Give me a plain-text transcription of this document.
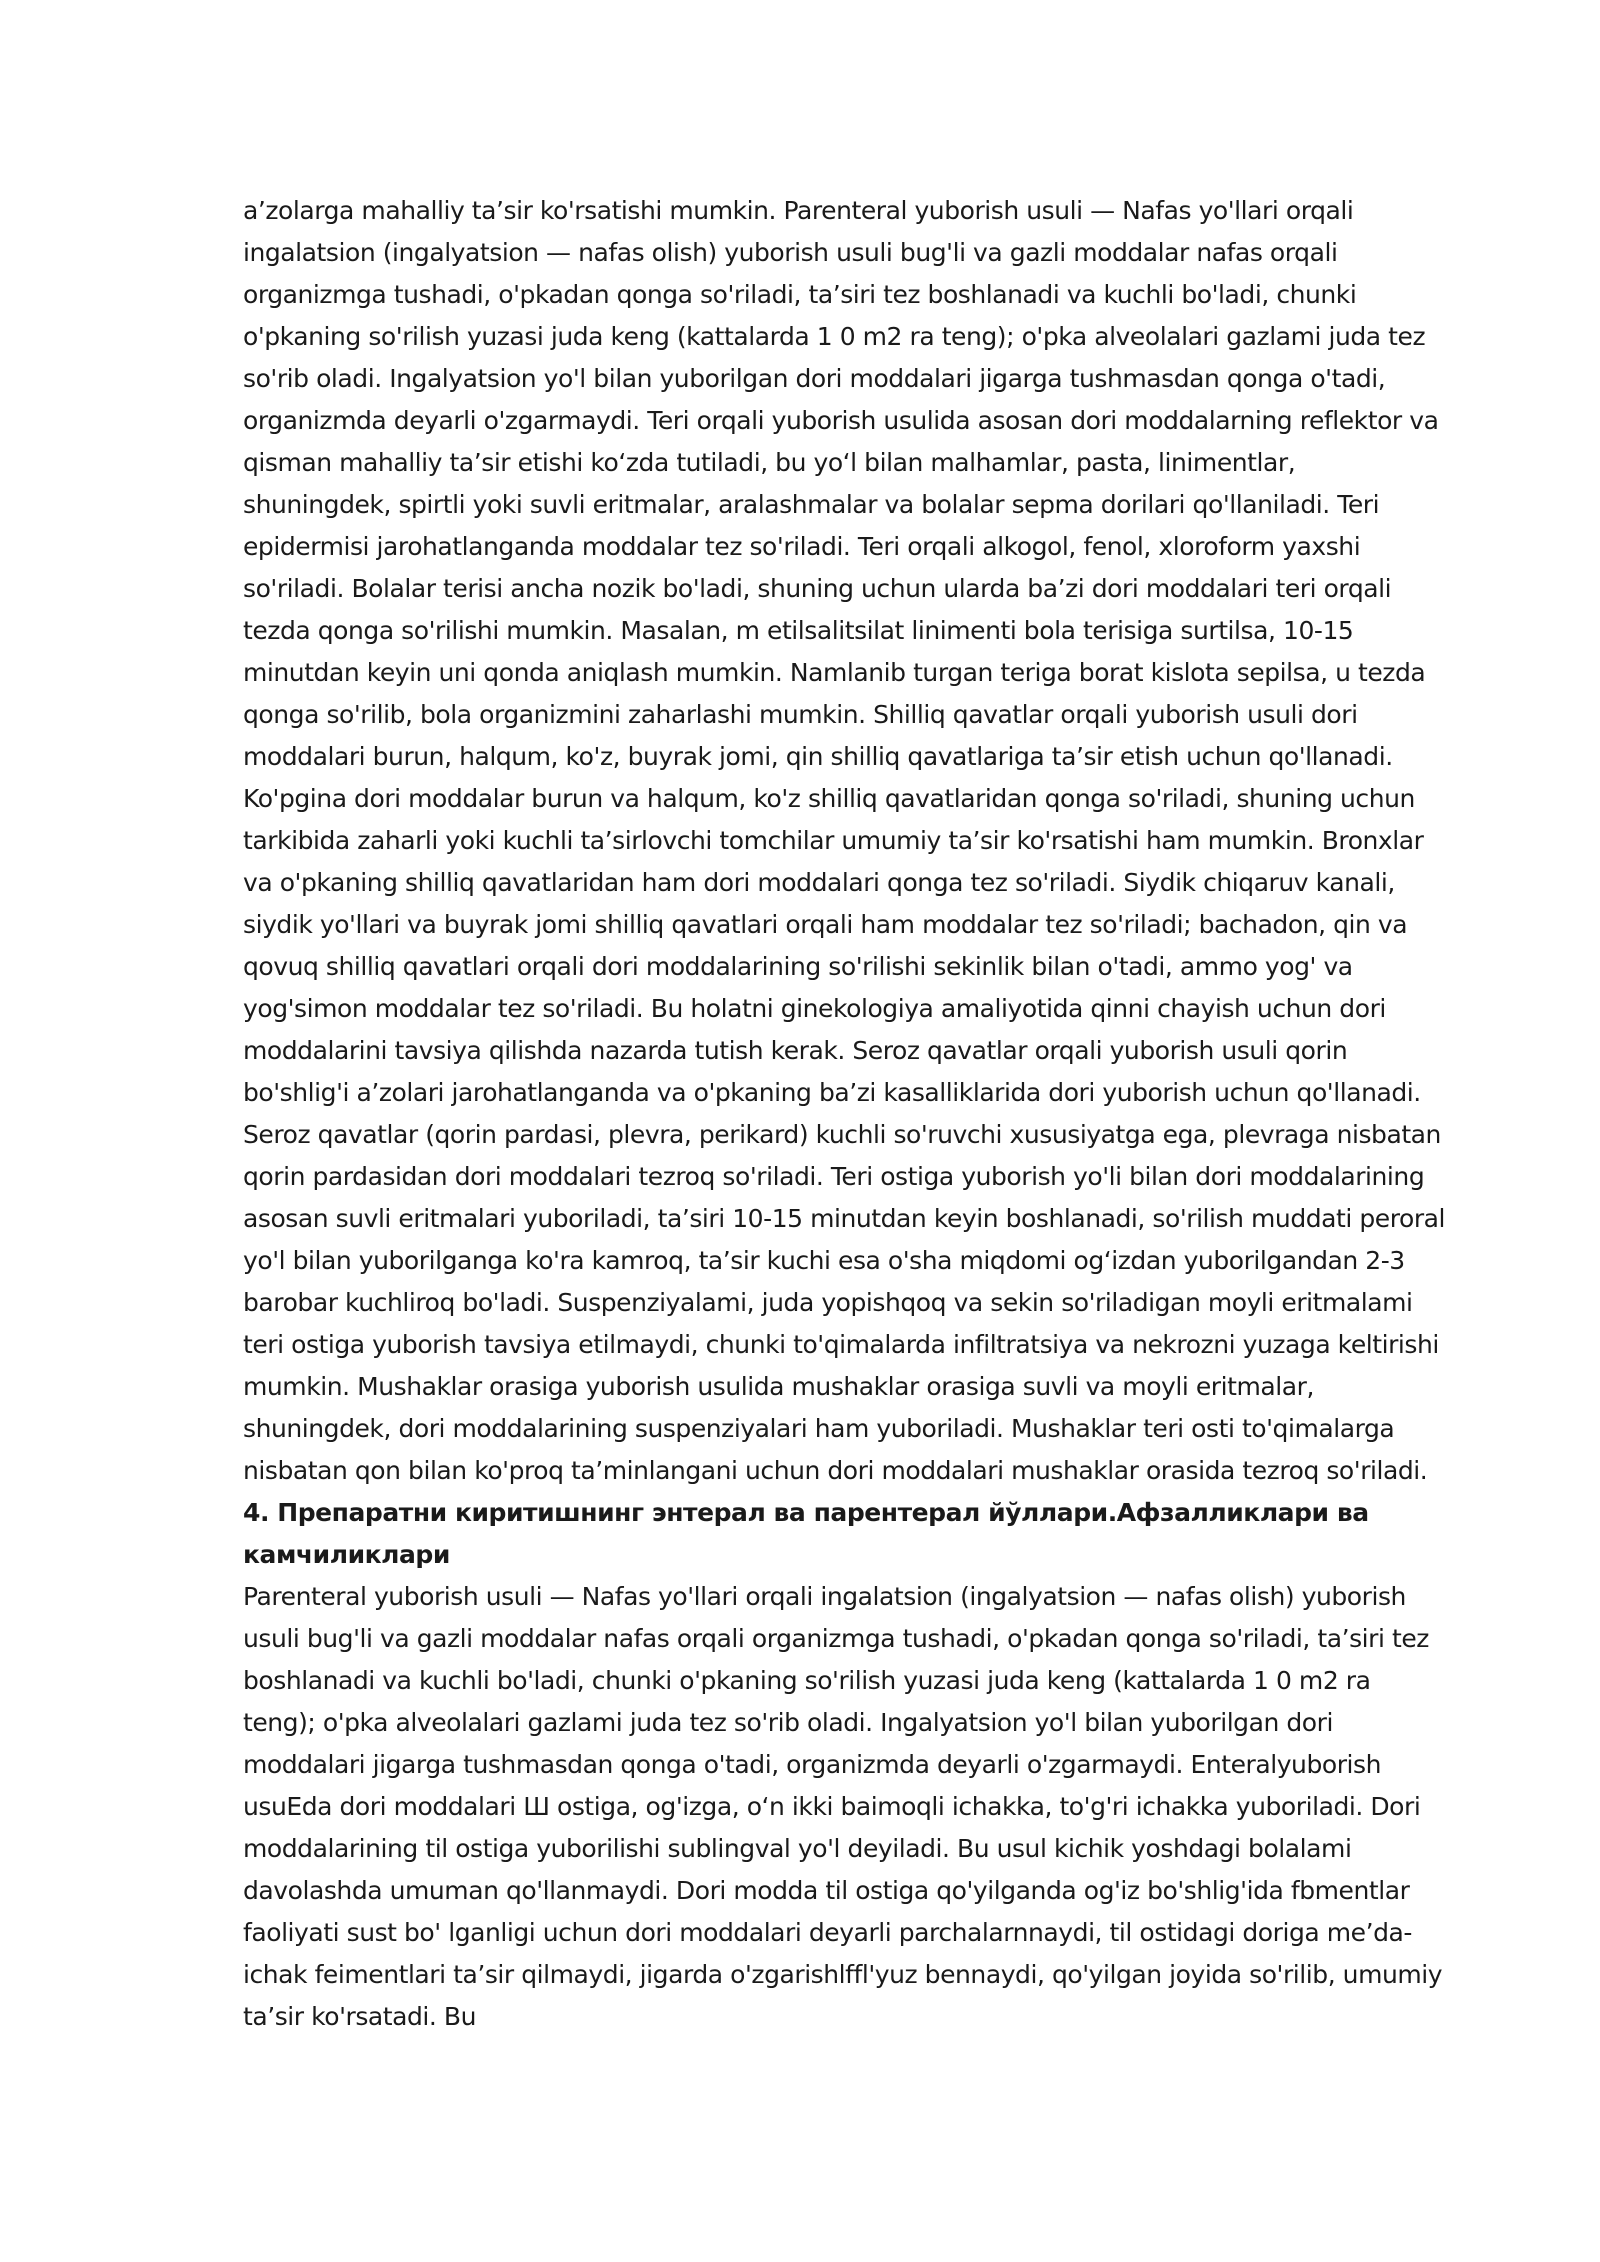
a’zolarga mahalliy ta’sir ko'rsatishi mumkin. Parenteral yuborish usuli — Nafas yo'llari orqali ingalatsion (ingalyatsion — nafas olish) yuborish usuli bug'li va gazli moddalar nafas orqali organizmga tushadi, o'pkadan qonga so'riladi, ta’siri tez boshlanadi va kuchli bo'ladi, chunki o'pkaning so'rilish yuzasi juda keng (kattalarda 1 0 m2 ra teng); o'pka alveolalari gazlami juda tez so'rib oladi. Ingalyatsion yo'l bilan yuborilgan dori moddalari jigarga tushmasdan qonga o'tadi, organizmda deyarli o'zgarmaydi. Teri orqali yuborish usulida asosan dori moddalarning reflektor va qisman mahalliy ta’sir etishi koʻzda tutiladi, bu yoʻl bilan malhamlar, pasta, linimentlar, shuningdek, spirtli yoki suvli eritmalar, aralashmalar va bolalar sepma dorilari qo'llaniladi. Teri epidermisi jarohatlanganda moddalar tez so'riladi. Teri orqali alkogol, fenol, xloroform yaxshi so'riladi. Bolalar terisi ancha nozik bo'ladi, shuning uchun ularda ba’zi dori moddalari teri orqali tezda qonga so'rilishi mumkin. Masalan, m etilsalitsilat linimenti bola terisiga surtilsa, 10-15 minutdan keyin uni qonda aniqlash mumkin. Namlanib turgan teriga borat kislota sepilsa, u tezda qonga so'rilib, bola organizmini zaharlashi mumkin. Shilliq qavatlar orqali yuborish usuli dori moddalari burun, halqum, ko'z, buyrak jomi, qin shilliq qavatlariga ta’sir etish uchun qo'llanadi. Ko'pgina dori moddalar burun va halqum, ko'z shilliq qavatlaridan qonga so'riladi, shuning uchun tarkibida zaharli yoki kuchli ta’sirlovchi tomchilar umumiy ta’sir ko'rsatishi ham mumkin. Bronxlar va o'pkaning shilliq qavatlaridan ham dori moddalari qonga tez so'riladi. Siydik chiqaruv kanali, siydik yo'llari va buyrak jomi shilliq qavatlari orqali ham moddalar tez so'riladi; bachadon, qin va qovuq shilliq qavatlari orqali dori moddalarining so'rilishi sekinlik bilan o'tadi, ammo yog' va yog'simon moddalar tez so'riladi. Bu holatni ginekologiya amaliyotida qinni chayish uchun dori moddalarini tavsiya qilishda nazarda tutish kerak. Seroz qavatlar orqali yuborish usuli qorin bo'shlig'i a’zolari jarohatlanganda va o'pkaning ba’zi kasalliklarida dori yuborish uchun qo'llanadi. Seroz qavatlar (qorin pardasi, plevra, perikard) kuchli so'ruvchi xususiyatga ega, plevraga nisbatan qorin pardasidan dori moddalari tezroq so'riladi. Teri ostiga yuborish yo'li bilan dori moddalarining asosan suvli eritmalari yuboriladi, ta’siri 10-15 minutdan keyin boshlanadi, so'rilish muddati peroral yo'l bilan yuborilganga ko'ra kamroq, ta’sir kuchi esa o'sha miqdomi og‘izdan yuborilgandan 2-3 barobar kuchliroq bo'ladi. Suspenziyalami, juda yopishqoq va sekin so'riladigan moyli eritmalami teri ostiga yuborish tavsiya etilmaydi, chunki to'qimalarda infiltratsiya va nekrozni yuzaga keltirishi mumkin. Mushaklar orasiga yuborish usulida mushaklar orasiga suvli va moyli eritmalar, shuningdek, dori moddalarining suspenziyalari ham yuboriladi. Mushaklar teri osti to'qimalarga nisbatan qon bilan ko'proq ta’minlangani uchun dori moddalari mushaklar orasida tezroq so'riladi.

4. Препаратни киритишнинг энтерал ва парентерал йўллари.Афзалликлари ва камчиликлари

Parenteral yuborish usuli — Nafas yo'llari orqali ingalatsion (ingalyatsion — nafas olish) yuborish usuli bug'li va gazli moddalar nafas orqali organizmga tushadi, o'pkadan qonga so'riladi, ta’siri tez boshlanadi va kuchli bo'ladi, chunki o'pkaning so'rilish yuzasi juda keng (kattalarda 1 0 m2 ra teng); o'pka alveolalari gazlami juda tez so'rib oladi. Ingalyatsion yo'l bilan yuborilgan dori moddalari jigarga tushmasdan qonga o'tadi, organizmda deyarli o'zgarmaydi. Enteralyuborish usuEda dori moddalari Ш ostiga, og'izga, oʻn ikki baimoqli ichakka, to'g'ri ichakka yuboriladi. Dori moddalarining til ostiga yuborilishi sublingval yo'l deyiladi. Bu usul kichik yoshdagi bolalami davolashda umuman qo'llanmaydi. Dori modda til ostiga qo'yilganda og'iz bo'shlig'ida fbmentlar faoliyati sust bo' lganligi uchun dori moddalari deyarli parchalarnnaydi, til ostidagi doriga me’da-ichak feimentlari ta’sir qilmaydi, jigarda o'zgarishlffl'yuz bennaydi, qo'yilgan joyida so'rilib, umumiy ta’sir ko'rsatadi. Bu
